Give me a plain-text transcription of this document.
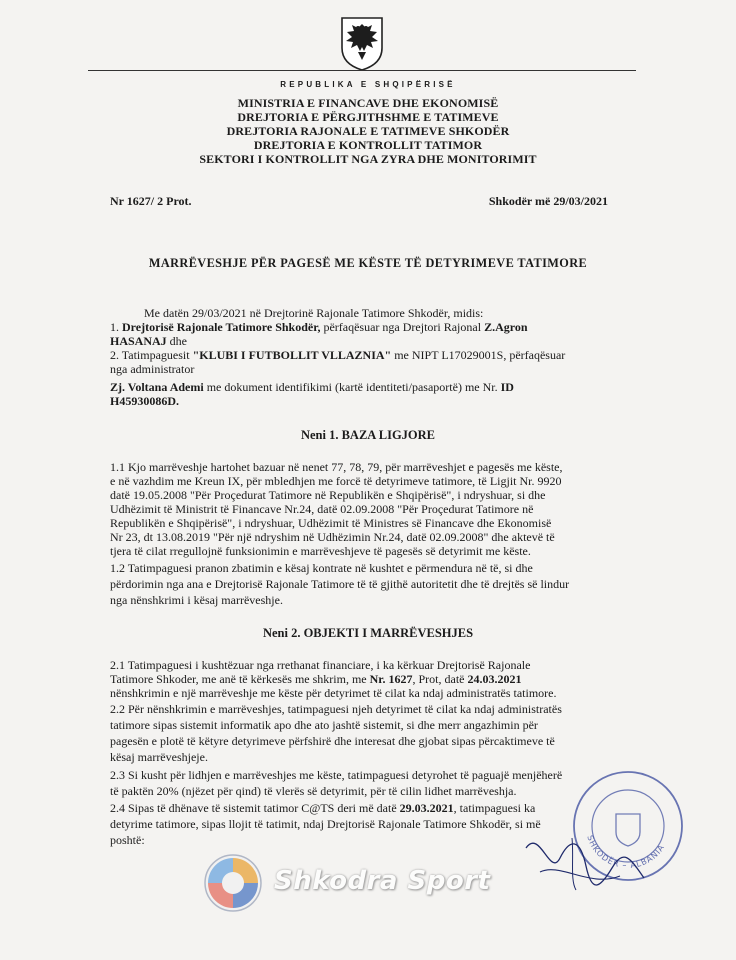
REPUBLIKA E SHQIPËRISË
MINISTRIA E FINANCAVE DHE EKONOMISË
DREJTORIA E PËRGJITHSHME E TATIMEVE
DREJTORIA RAJONALE E TATIMEVE SHKODËR
DREJTORIA E KONTROLLIT TATIMOR
SEKTORI I KONTROLLIT NGA ZYRA DHE MONITORIMIT
Nr 1627/ 2 Prot.	Shkodër më 29/03/2021
MARRËVESHJE PËR PAGESË ME KËSTE TË DETYRIMEVE TATIMORE
Me datën 29/03/2021 në Drejtorinë Rajonale Tatimore Shkodër, midis:
1. Drejtorisë Rajonale Tatimore Shkodër, përfaqësuar nga Drejtori Rajonal Z.Agron
HASANAJ dhe
2. Tatimpaguesit "KLUBI I FUTBOLLIT VLLAZNIA" me NIPT L17029001S, përfaqësuar
nga administrator
Zj. Voltana Ademi me dokument identifikimi (kartë identiteti/pasaportë) me Nr. ID
H45930086D.
Neni 1. BAZA LIGJORE
1.1 Kjo marrëveshje hartohet bazuar në nenet 77, 78, 79, për marrëveshjet e pagesës me këste,
e në vazhdim me Kreun IX, për mbledhjen me forcë të detyrimeve tatimore, të Ligjit Nr. 9920
datë 19.05.2008 "Për Proçedurat Tatimore në Republikën e Shqipërisë", i ndryshuar, si dhe
Udhëzimit të Ministrit të Financave Nr.24, datë 02.09.2008 "Për Proçedurat Tatimore në
Republikën e Shqipërisë", i ndryshuar, Udhëzimit të Ministres së Financave dhe Ekonomisë
Nr 23, dt 13.08.2019 "Për një ndryshim në Udhëzimin Nr.24, datë 02.09.2008" dhe aktevë të
tjera të cilat rregullojnë funksionimin e marrëveshjeve të pagesës së detyrimit me këste.
1.2 Tatimpaguesi pranon zbatimin e kësaj kontrate në kushtet e përmendura në të, si dhe
përdorimin nga ana e Drejtorisë Rajonale Tatimore të të gjithë autoritetit dhe të drejtës së lindur
nga nënshkrimi i kësaj marrëveshje.
Neni 2. OBJEKTI I MARRËVESHJES
2.1 Tatimpaguesi i kushtëzuar nga rrethanat financiare, i ka kërkuar Drejtorisë Rajonale
Tatimore Shkoder, me anë të kërkesës me shkrim, me Nr. 1627, Prot, datë 24.03.2021
nënshkrimin e një marrëveshje me këste për detyrimet të cilat ka ndaj administratës tatimore.
2.2 Për nënshkrimin e marrëveshjes, tatimpaguesi njeh detyrimet të cilat ka ndaj administratës
tatimore sipas sistemit informatik apo dhe ato jashtë sistemit, si dhe merr angazhimin për
pagesën e plotë të këtyre detyrimeve përfshirë dhe interesat dhe gjobat sipas përcaktimeve të
kësaj marrëveshjeje.
2.3 Si kusht për lidhjen e marrëveshjes me këste, tatimpaguesi detyrohet të paguajë menjëherë
të paktën 20% (njëzet për qind) të vlerës së detyrimit, për të cilin lidhet marrëveshja.
2.4 Sipas të dhënave të sistemit tatimor C@TS deri më datë 29.03.2021, tatimpaguesi ka
detyrime tatimore, sipas llojit të tatimit, ndaj Drejtorisë Rajonale Tatimore Shkodër, si më
poshtë:	SHKODËR – ALBANIA
Shkodra Sport
